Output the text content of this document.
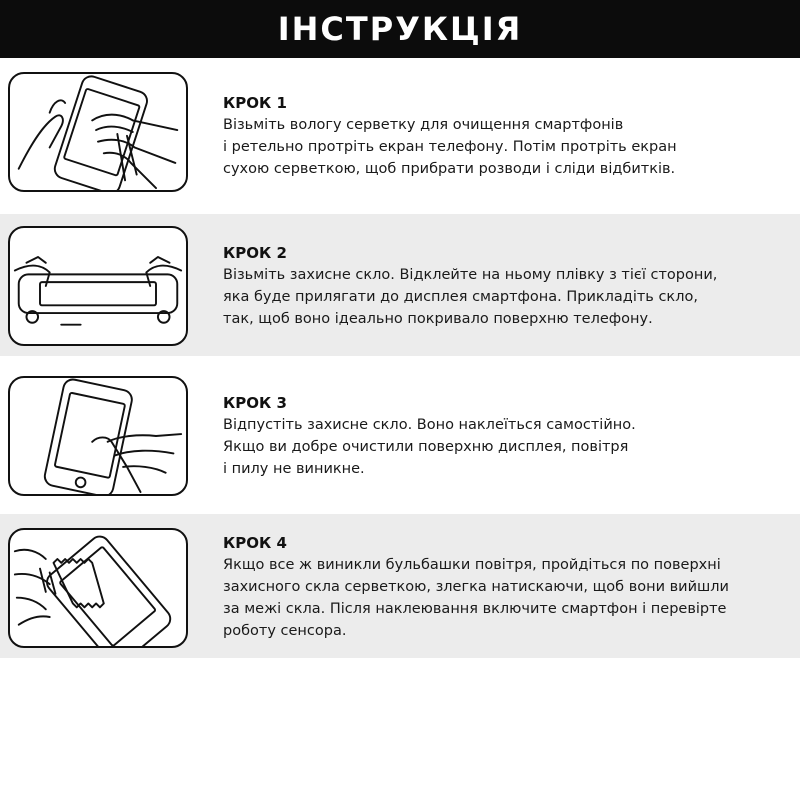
ІНСТРУКЦІЯ

КРОК 1

Візьміть вологу серветку для очищення смартфонів
і ретельно протріть екран телефону. Потім протріть екран
сухою серветкою, щоб прибрати розводи і сліди відбитків.

КРОК 2

Візьміть захисне скло. Відклейте на ньому плівку з тієї сторони,
яка буде прилягати до дисплея смартфона. Прикладіть скло,
так, щоб воно ідеально покривало поверхню телефону.

КРОК 3

Відпустіть захисне скло. Воно наклеїться самостійно.
Якщо ви добре очистили поверхню дисплея, повітря
і пилу не виникне.

КРОК 4

Якщо все ж виникли бульбашки повітря, пройдіться по поверхні
захисного скла серветкою, злегка натискаючи, щоб вони вийшли
за межі скла. Після наклеювання включите смартфон і перевірте
роботу сенсора.
